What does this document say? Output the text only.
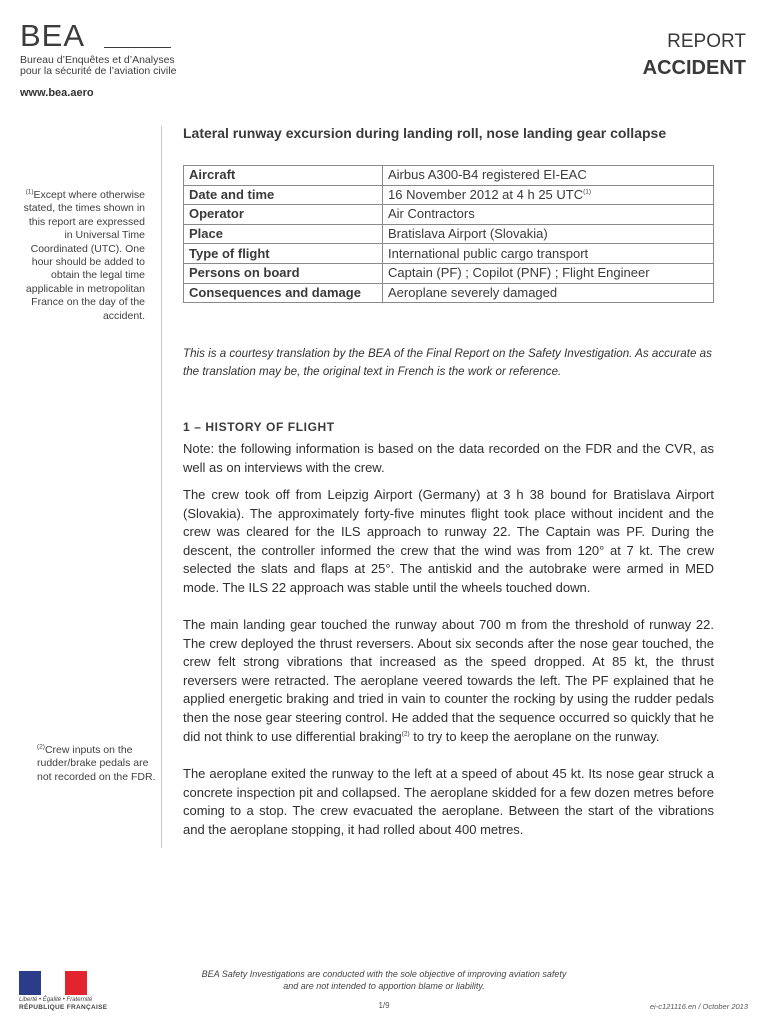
BEA
Bureau d’Enquêtes et d’Analyses
pour la sécurité de l’aviation civile
www.bea.aero
REPORT
ACCIDENT
$^{(1)}$Except where otherwise stated, the times shown in this report are expressed in Universal Time Coordinated (UTC). One hour should be added to obtain the legal time applicable in metropolitan France on the day of the accident.
$^{(2)}$Crew inputs on the rudder/brake pedals are not recorded on the FDR.
Lateral runway excursion during landing roll, nose landing gear collapse
Aircraft	Airbus A300-B4 registered EI-EAC
Date and time	16 November 2012 at 4 h 25 UTC$^{(1)}$
Operator	Air Contractors
Place	Bratislava Airport (Slovakia)
Type of flight	International public cargo transport
Persons on board	Captain (PF) ; Copilot (PNF) ; Flight Engineer
Consequences and damage	Aeroplane severely damaged
This is a courtesy translation by the BEA of the Final Report on the Safety Investigation. As accurate as the translation may be, the original text in French is the work or reference.
1 – HISTORY OF FLIGHT
Note: the following information is based on the data recorded on the FDR and the CVR, as well as on interviews with the crew.
The crew took off from Leipzig Airport (Germany) at 3 h 38 bound for Bratislava Airport (Slovakia). The approximately forty-five minutes flight took place without incident and the crew was cleared for the ILS approach to runway 22. The Captain was PF. During the descent, the controller informed the crew that the wind was from 120° at 7 kt. The crew selected the slats and flaps at 25°. The antiskid and the autobrake were armed in MED mode. The ILS 22 approach was stable until the wheels touched down.
The main landing gear touched the runway about 700 m from the threshold of runway 22. The crew deployed the thrust reversers. About six seconds after the nose gear touched, the crew felt strong vibrations that increased as the speed dropped. At 85 kt, the thrust reversers were retracted. The aeroplane veered towards the left. The PF explained that he applied energetic braking and tried in vain to counter the rocking by using the rudder pedals then the nose gear steering control. He added that the sequence occurred so quickly that he did not think to use differential braking$^{(2)}$ to try to keep the aeroplane on the runway.
The aeroplane exited the runway to the left at a speed of about 45 kt. Its nose gear struck a concrete inspection pit and collapsed. The aeroplane skidded for a few dozen metres before coming to a stop. The crew evacuated the aeroplane. Between the start of the vibrations and the aeroplane stopping, it had rolled about 400 metres.
Liberté • Égalité • Fraternité
RÉPUBLIQUE FRANÇAISE
BEA Safety Investigations are conducted with the sole objective of improving aviation safety
and are not intended to apportion blame or liability.
1/9	ei-c121116.en / October 2013
